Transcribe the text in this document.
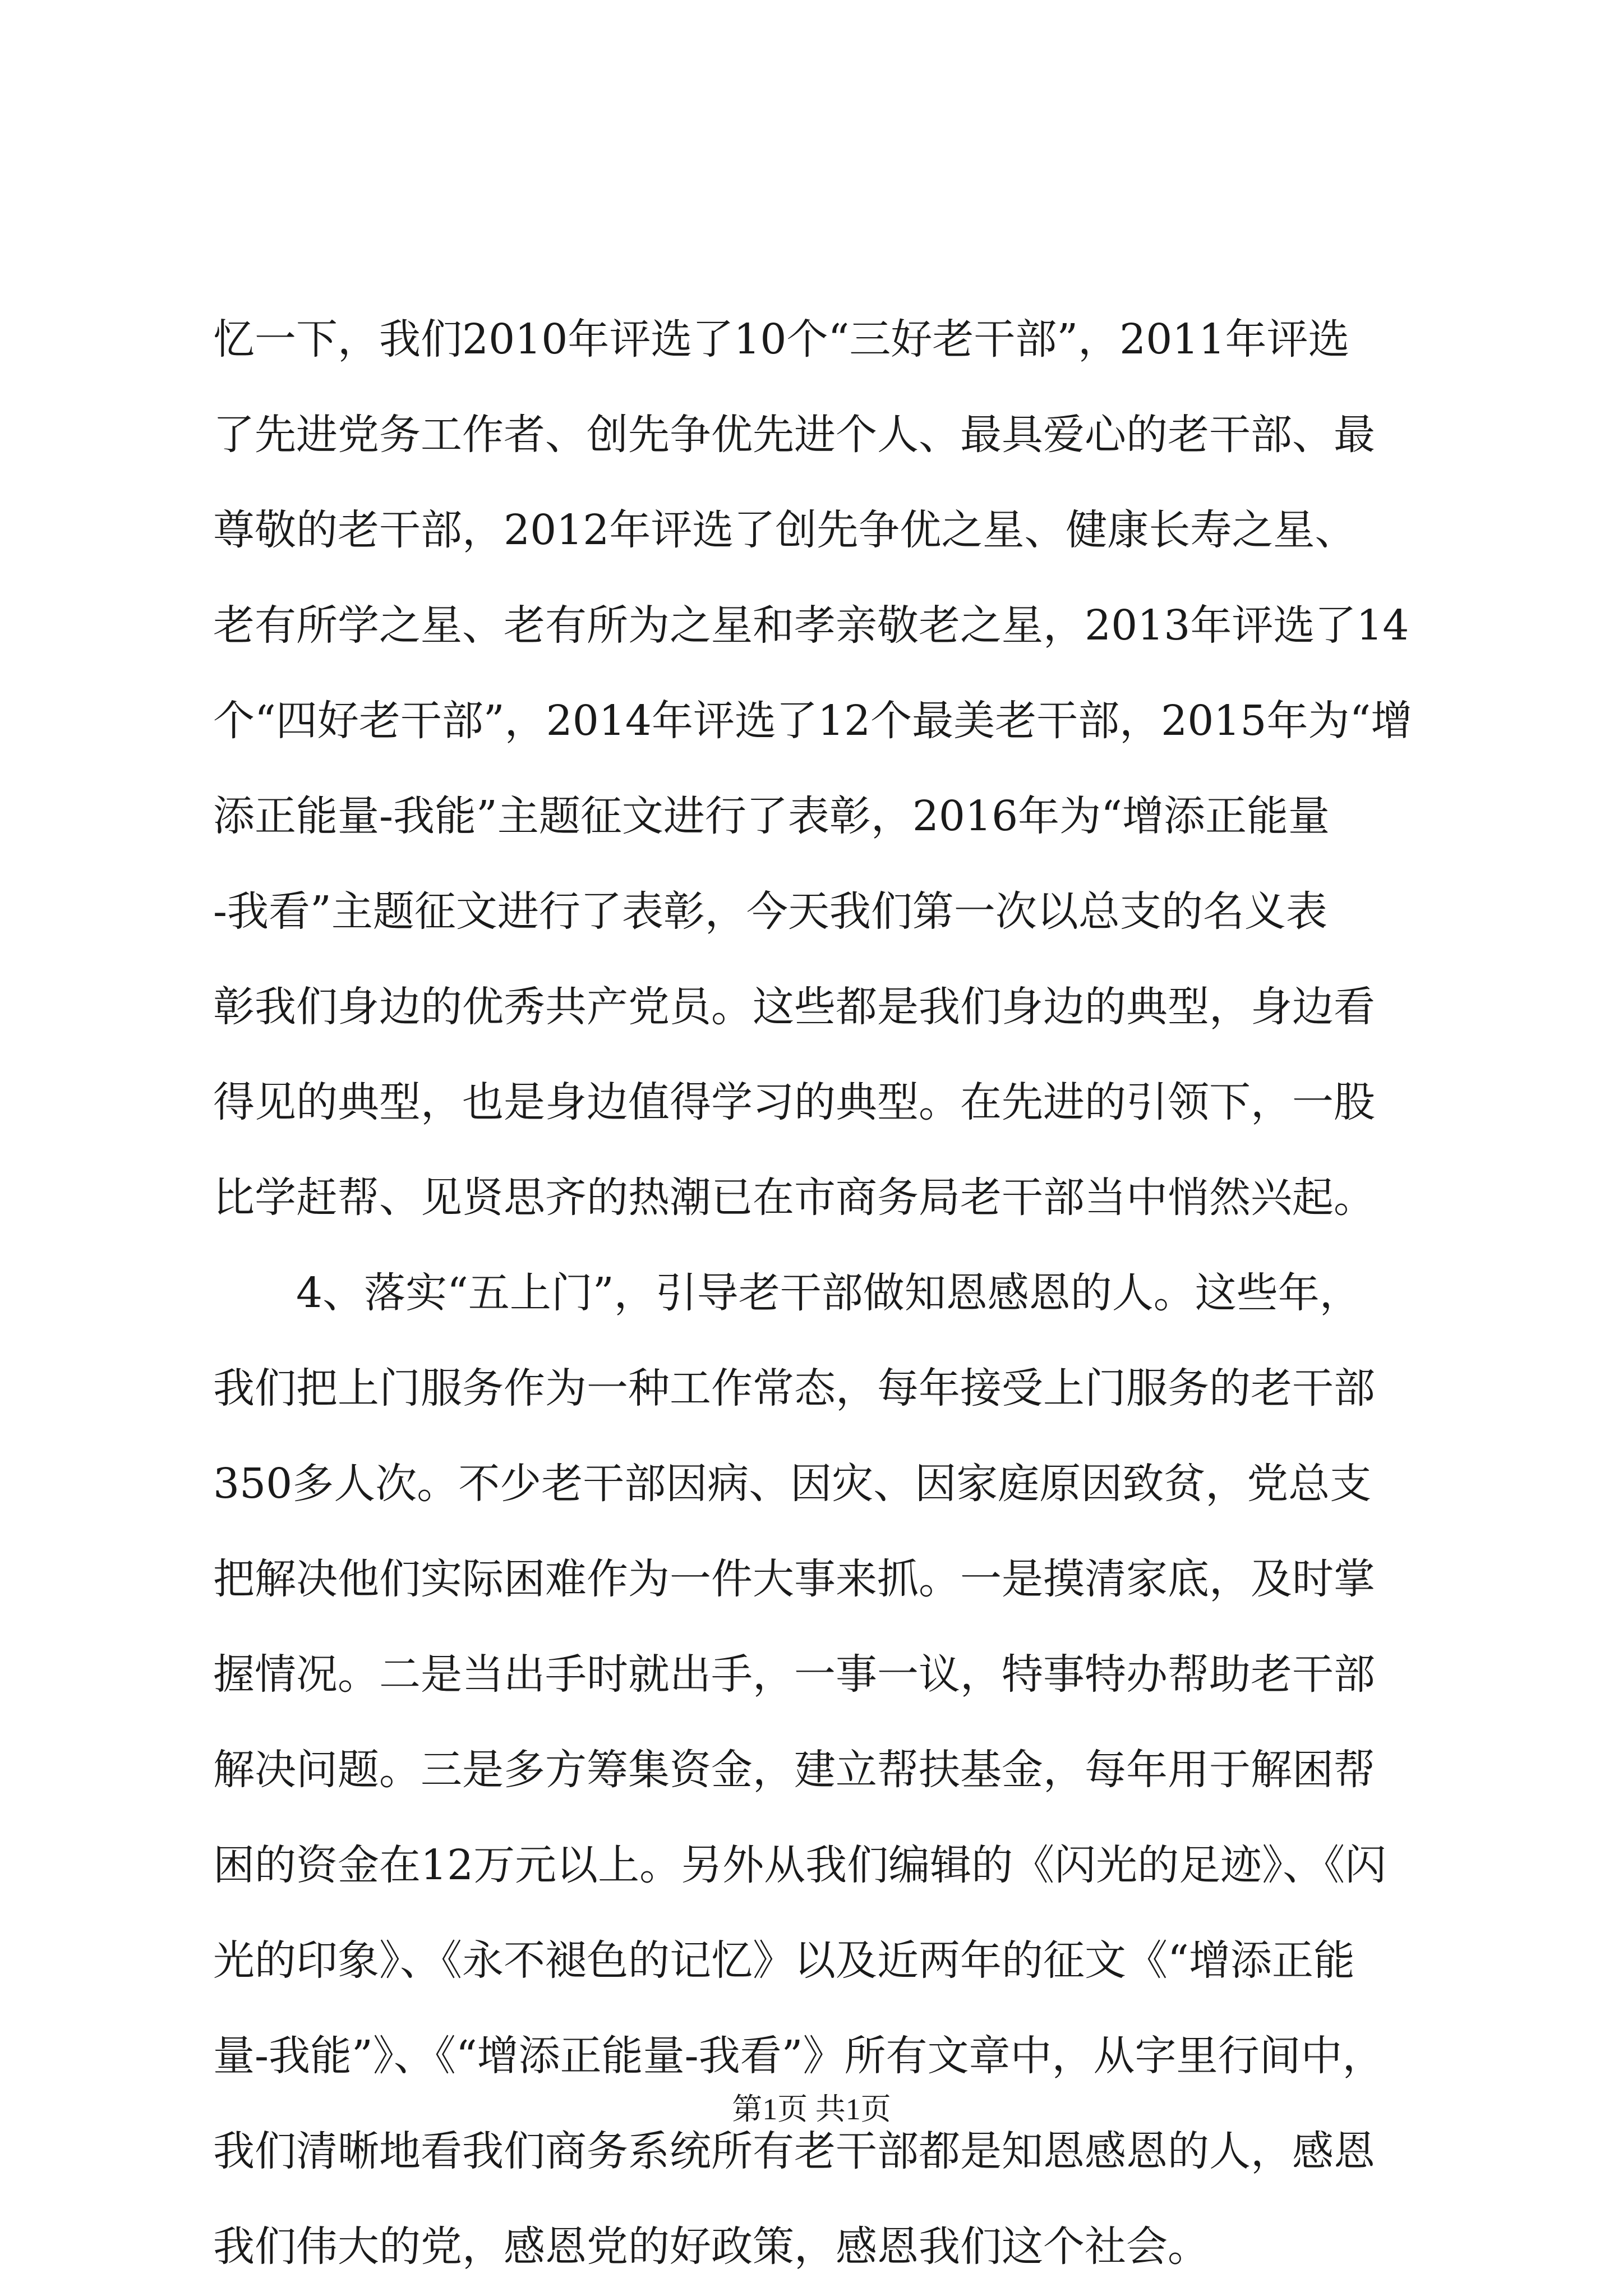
忆一下，我们2010年评选了10个“三好老干部”，2011年评选

了先进党务工作者、创先争优先进个人、最具爱心的老干部、最

尊敬的老干部，2012年评选了创先争优之星、健康长寿之星、

老有所学之星、老有所为之星和孝亲敬老之星，2013年评选了14

个“四好老干部”，2014年评选了12个最美老干部，2015年为“增

添正能量-我能”主题征文进行了表彰，2016年为“增添正能量

-我看”主题征文进行了表彰，今天我们第一次以总支的名义表

彰我们身边的优秀共产党员。这些都是我们身边的典型，身边看

得见的典型，也是身边值得学习的典型。在先进的引领下，一股

比学赶帮、见贤思齐的热潮已在市商务局老干部当中悄然兴起。

4、落实“五上门”，引导老干部做知恩感恩的人。这些年，

我们把上门服务作为一种工作常态，每年接受上门服务的老干部

350多人次。不少老干部因病、因灾、因家庭原因致贫，党总支

把解决他们实际困难作为一件大事来抓。一是摸清家底，及时掌

握情况。二是当出手时就出手，一事一议，特事特办帮助老干部

解决问题。三是多方筹集资金，建立帮扶基金，每年用于解困帮

困的资金在12万元以上。另外从我们编辑的《闪光的足迹》、《闪

光的印象》、《永不褪色的记忆》以及近两年的征文《“增添正能

量-我能”》、《“增添正能量-我看”》所有文章中，从字里行间中，

我们清晰地看我们商务系统所有老干部都是知恩感恩的人，感恩

我们伟大的党，感恩党的好政策，感恩我们这个社会。

第1页 共1页
